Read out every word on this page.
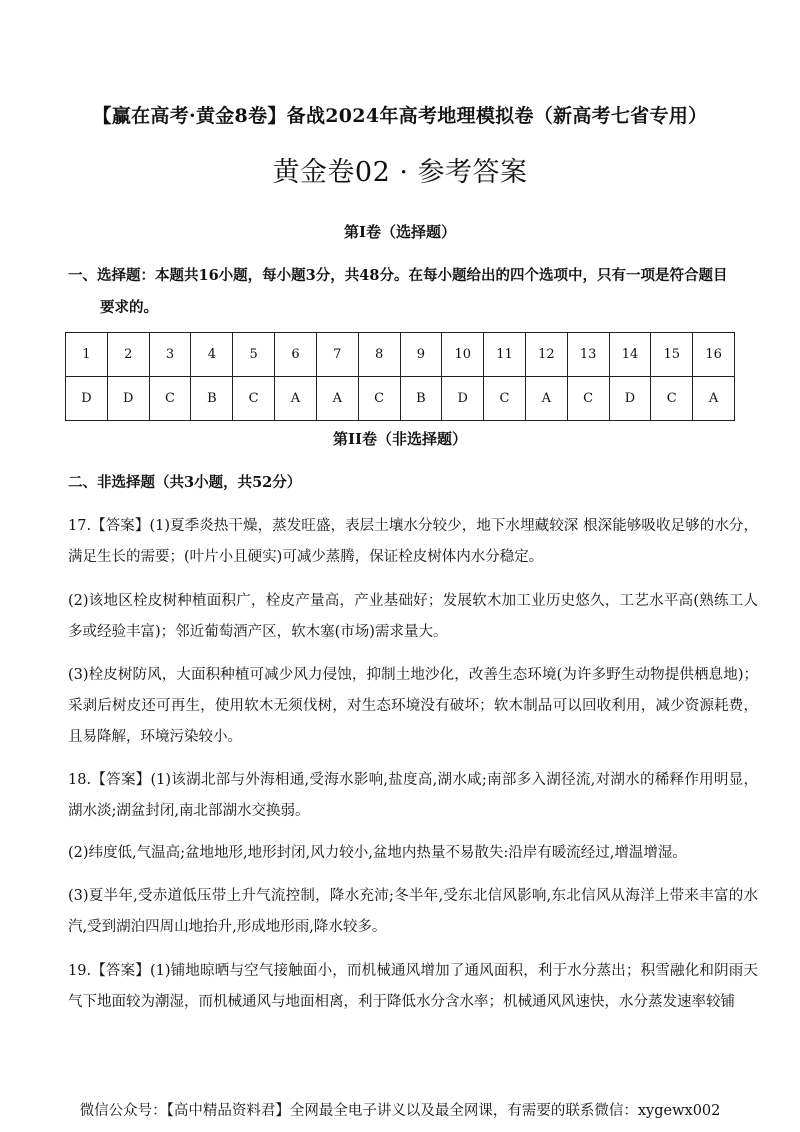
【赢在高考·黄金8卷】备战2024年高考地理模拟卷（新高考七省专用）
黄金卷02 · 参考答案
第I卷（选择题）
一、选择题：本题共16小题，每小题3分，共48分。在每小题给出的四个选项中，只有一项是符合题目
要求的。
1	2	3	4	5	6	7	8	9	10	11	12	13	14	15	16
D	D	C	B	C	A	A	C	B	D	C	A	C	D	C	A
第II卷（非选择题）
二、非选择题（共3小题，共52分）
17.【答案】(1)夏季炎热干燥，蒸发旺盛，表层土壤水分较少，地下水埋藏较深 根深能够吸收足够的水分，满足生长的需要；(叶片小且硬实)可减少蒸腾，保证栓皮树体内水分稳定。
(2)该地区栓皮树种植面积广，栓皮产量高，产业基础好；发展软木加工业历史悠久，工艺水平高(熟练工人多或经验丰富)；邻近葡萄酒产区，软木塞(市场)需求量大。
(3)栓皮树防风，大面积种植可减少风力侵蚀，抑制土地沙化，改善生态环境(为许多野生动物提供栖息地)；采剥后树皮还可再生，使用软木无须伐树，对生态环境没有破坏；软木制品可以回收利用，减少资源耗费，且易降解，环境污染较小。
18.【答案】(1)该湖北部与外海相通,受海水影响,盐度高,湖水咸;南部多入湖径流,对湖水的稀释作用明显，湖水淡;湖盆封闭,南北部湖水交换弱。
(2)纬度低,气温高;盆地地形,地形封闭,风力较小,盆地内热量不易散失:沿岸有暖流经过,增温增湿。
(3)夏半年,受赤道低压带上升气流控制，降水充沛;冬半年,受东北信风影响,东北信风从海洋上带来丰富的水汽,受到湖泊四周山地抬升,形成地形雨,降水较多。
19.【答案】(1)铺地晾晒与空气接触面小，而机械通风增加了通风面积，利于水分蒸出；积雪融化和阴雨天气下地面较为潮湿，而机械通风与地面相离，利于降低水分含水率；机械通风风速快，水分蒸发速率较铺
微信公众号：【高中精品资料君】全网最全电子讲义以及最全网课，有需要的联系微信：xygewx002
